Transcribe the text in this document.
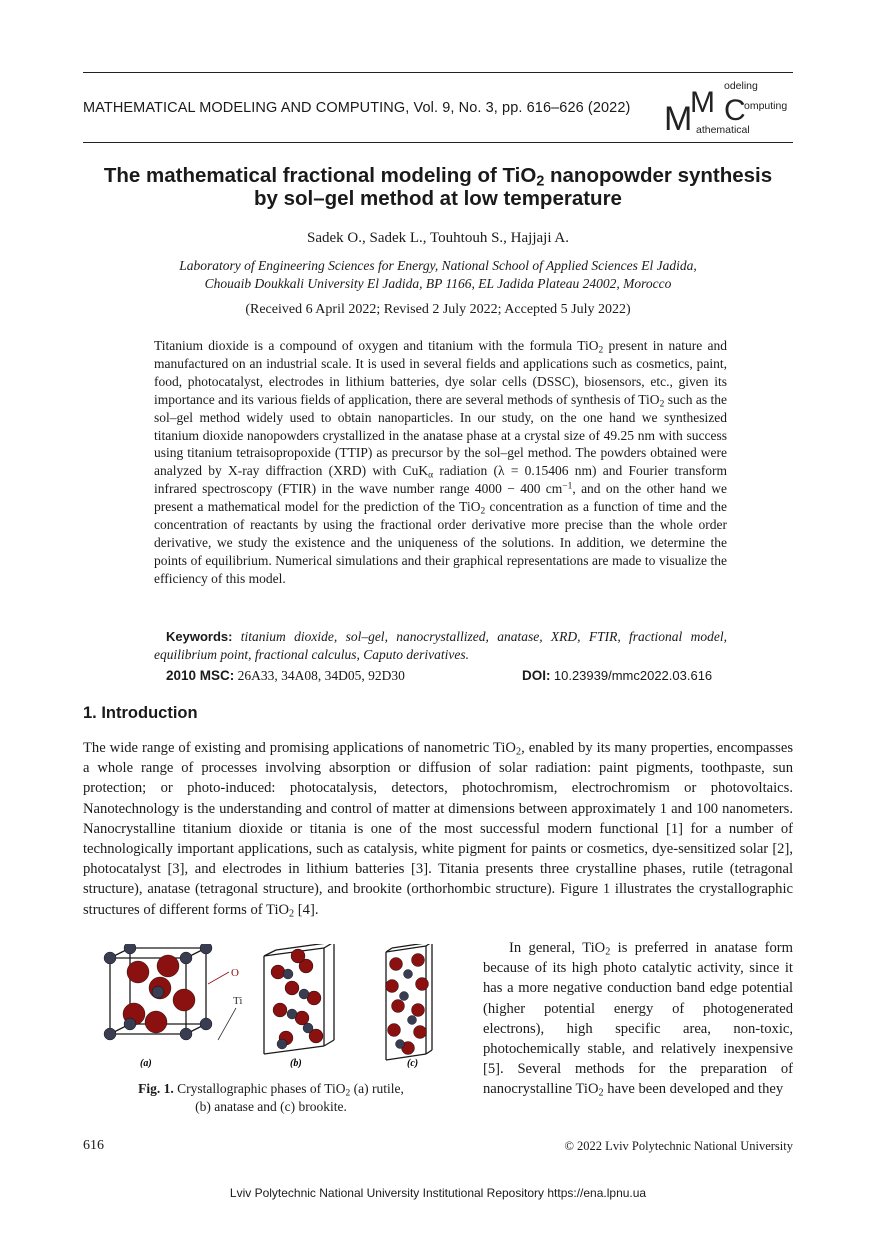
MATHEMATICAL MODELING AND COMPUTING, Vol. 9, No. 3, pp. 616–626 (2022) M
M odeling
C
omputing
athematical
The mathematical fractional modeling of TiO$_2$ nanopowder synthesis
by sol–gel method at low temperature
Sadek O., Sadek L., Touhtouh S., Hajjaji A.
Laboratory of Engineering Sciences for Energy, National School of Applied Sciences El Jadida,
Chouaib Doukkali University El Jadida, BP 1166, EL Jadida Plateau 24002, Morocco
(Received 6 April 2022; Revised 2 July 2022; Accepted 5 July 2022)
Titanium dioxide is a compound of oxygen and titanium with the formula TiO$_2$ present in nature and manufactured on an industrial scale. It is used in several fields and applications such as cosmetics, paint, food, photocatalyst, electrodes in lithium batteries, dye solar cells (DSSC), biosensors, etc., given its importance and its various fields of application, there are several methods of synthesis of TiO$_2$ such as the sol–gel method widely used to obtain nanoparticles. In our study, on the one hand we synthesized titanium dioxide nanopowders crystallized in the anatase phase at a crystal size of 49.25 nm with success using titanium tetraisopropoxide (TTIP) as precursor by the sol–gel method. The powders obtained were analyzed by X-ray diffraction (XRD) with CuK$_\alpha$ radiation (λ = 0.15406 nm) and Fourier transform infrared spectroscopy (FTIR) in the wave number range 4000 − 400 $cm^{-1}$, and on the other hand we present a mathematical model for the prediction of the TiO$_2$ concentration as a function of time and the concentration of reactants by using the fractional order derivative more precise than the whole order derivative, we study the existence and the uniqueness of the solutions. In addition, we determine the points of equilibrium. Numerical simulations and their graphical representations are made to visualize the efficiency of this model.
Keywords: titanium dioxide, sol–gel, nanocrystallized, anatase, XRD, FTIR, fractional model, equilibrium point, fractional calculus, Caputo derivatives.
2010 MSC: 26A33, 34A08, 34D05, 92D30	DOI: 10.23939/mmc2022.03.616
1. Introduction
The wide range of existing and promising applications of nanometric TiO$_2$, enabled by its many properties, encompasses a whole range of processes involving absorption or diffusion of solar radiation: paint pigments, toothpaste, sun protection; or photo-induced: photocatalysis, detectors, photochromism, electrochromism or photovoltaics. Nanotechnology is the understanding and control of matter at dimensions between approximately 1 and 100 nanometers. Nanocrystalline titanium dioxide or titania is one of the most successful modern functional [1] for a number of technologically important applications, such as catalysis, white pigment for paints or cosmetics, dye-sensitized solar [2], photocatalyst [3], and electrodes in lithium batteries [3]. Titania presents three crystalline phases, rutile (tetragonal structure), anatase (tetragonal structure), and brookite (orthorhombic structure). Figure 1 illustrates the crystallographic structures of different forms of TiO$_2$ [4].
O
Ti
(a)	(b)	(c)
Fig. 1. Crystallographic phases of TiO$_2$ (a) rutile,
(b) anatase and (c) brookite.

In general, TiO$_2$ is preferred in anatase form because of its high photo catalytic activity, since it has a more negative conduction band edge potential (higher potential energy of photogenerated electrons), high specific area, non-toxic, photochemically stable, and relatively inexpensive [5]. Several methods for the preparation of nanocrystalline TiO$_2$ have been developed and they

616	© 2022 Lviv Polytechnic National University
Lviv Polytechnic National University Institutional Repository https://ena.lpnu.ua
